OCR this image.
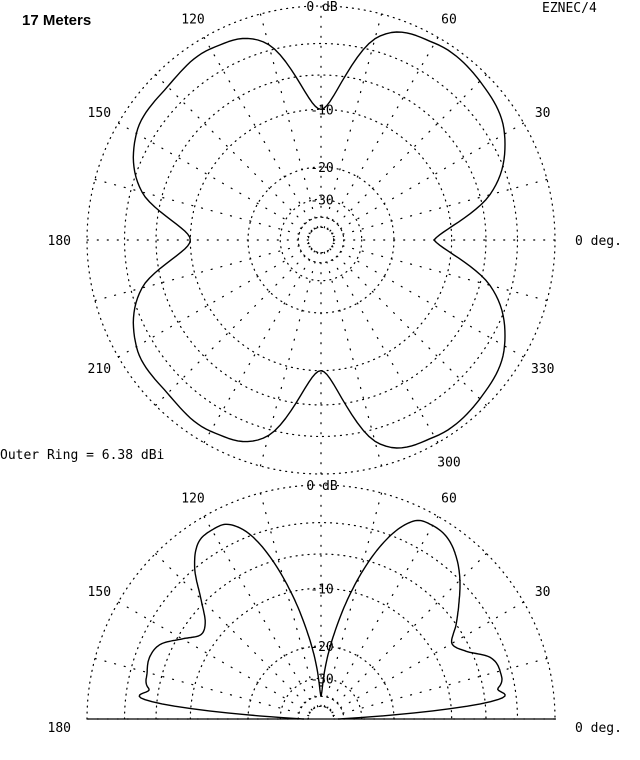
0 dB
-10
-20
-30
0 deg.
30
60
120
150
180
210
300
330
0 dB
-10
-20
-30
0 deg.
30
60
120
150
180
17 Meters
EZNEC/4
Outer Ring = 6.38 dBi
